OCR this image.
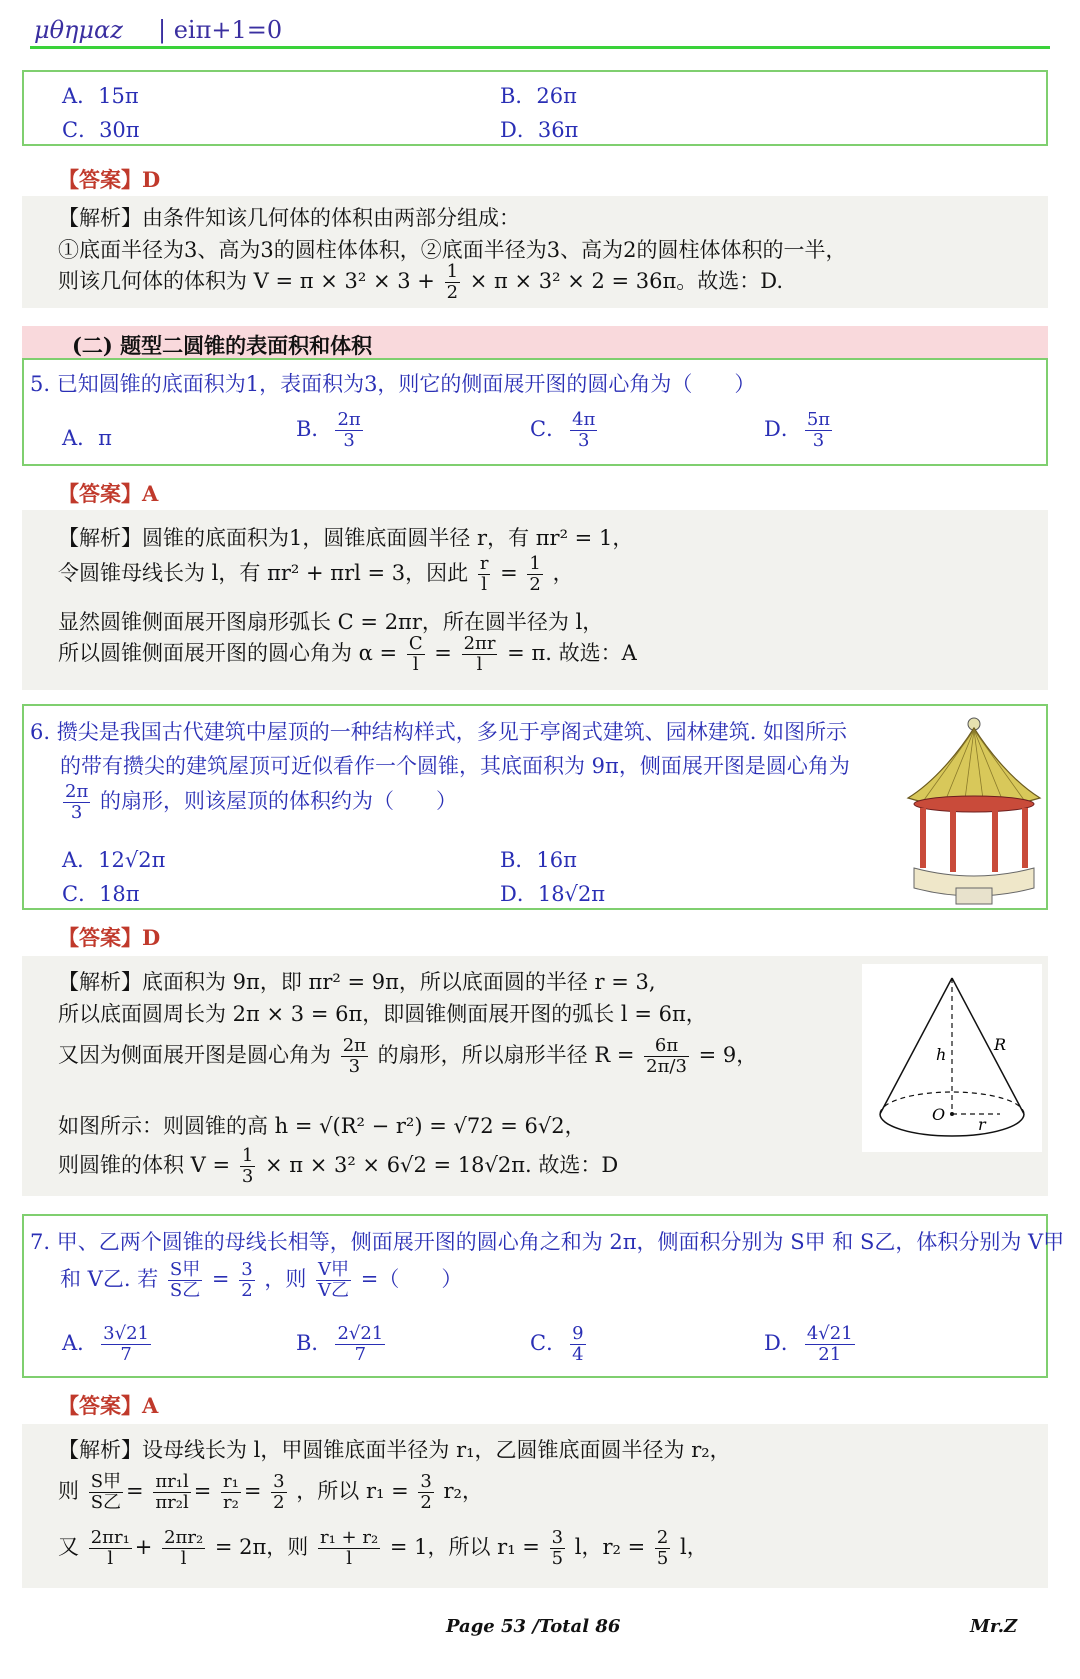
μθημαz | eiπ+1=0
A．15π	B．26π
C．30π	D．36π
【答案】D
【解析】由条件知该几何体的体积由两部分组成：
①底面半径为3、高为3的圆柱体体积，②底面半径为3、高为2的圆柱体体积的一半，
则该几何体的体积为 $V = \pi \times 3^2 \times 3 + \frac{1}{2} \times \pi \times 3^2 \times 2 = 36\pi$。故选：D.
(二) 题型二圆锥的表面积和体积
5. 已知圆锥的底面积为1，表面积为3，则它的侧面展开图的圆心角为（　　）
A．π	B． $\frac{2\pi}{3}$	C． $\frac{4\pi}{3}$	D． $\frac{5\pi}{3}$
【答案】A
【解析】圆锥的底面积为1，圆锥底面圆半径 r，有 πr² = 1，
令圆锥母线长为 l，有 πr² + πrl = 3，因此 $\frac{r}{l} = \frac{1}{2}$ ，
显然圆锥侧面展开图扇形弧长 C = 2πr，所在圆半径为 l，
所以圆锥侧面展开图的圆心角为 $\alpha = \frac{C}{l} = \frac{2\pi r}{l} = \pi$. 故选：A
6. 攒尖是我国古代建筑中屋顶的一种结构样式，多见于亭阁式建筑、园林建筑. 如图所示
的带有攒尖的建筑屋顶可近似看作一个圆锥，其底面积为 9π，侧面展开图是圆心角为
$\frac{2\pi}{3}$ 的扇形，则该屋顶的体积约为（　　）
A．12√2π	B．16π
C．18π	D．18√2π
【答案】D
【解析】底面积为 9π，即 πr² = 9π，所以底面圆的半径 r = 3,
所以底面圆周长为 2π × 3 = 6π，即圆锥侧面展开图的弧长 l = 6π，
又因为侧面展开图是圆心角为 $\frac{2\pi}{3}$ 的扇形，所以扇形半径 $R = \frac{6\pi}{2\pi/3} = 9$，
如图所示：则圆锥的高 h = √(R² − r²) = √72 = 6√2，
则圆锥的体积 $V = \frac{1}{3} \times \pi \times 3^2 \times 6√2 = 18√2\pi$. 故选：D
R
h
O
r
7. 甲、乙两个圆锥的母线长相等，侧面展开图的圆心角之和为 2π，侧面积分别为 S甲 和 S乙，体积分别为 V甲
和 V乙. 若 $\frac{\text{S甲}}{\text{S乙}} = \frac{3}{2}$ ，则 $\frac{\text{V甲}}{\text{V乙}}$ =（　　）
A． $\frac{3√21}{7}$	B． $\frac{2√21}{7}$	C． $\frac{9}{4}$	D． $\frac{4√21}{21}$
【答案】A
【解析】设母线长为 l，甲圆锥底面半径为 r₁，乙圆锥底面圆半径为 r₂，
则 $\frac{\text{S甲}}{\text{S乙}} = \frac{\text{πr₁l}}{\text{πr₂l}} = \frac{\text{r₁}}{\text{r₂}} = \frac{3}{2}$ ，所以 $r_1 = \frac{3}{2} r_2$，
又 $\frac{\text{2πr₁}}{l} + \frac{\text{2πr₂}}{l} = 2\pi$，则 $\frac{\text{r₁ + r₂}}{l} = 1$，所以 $r_1 = \frac{3}{5}$ l，$r_2 = \frac{2}{5}$ l，
Page 53 /Total 86	Mr.Z
